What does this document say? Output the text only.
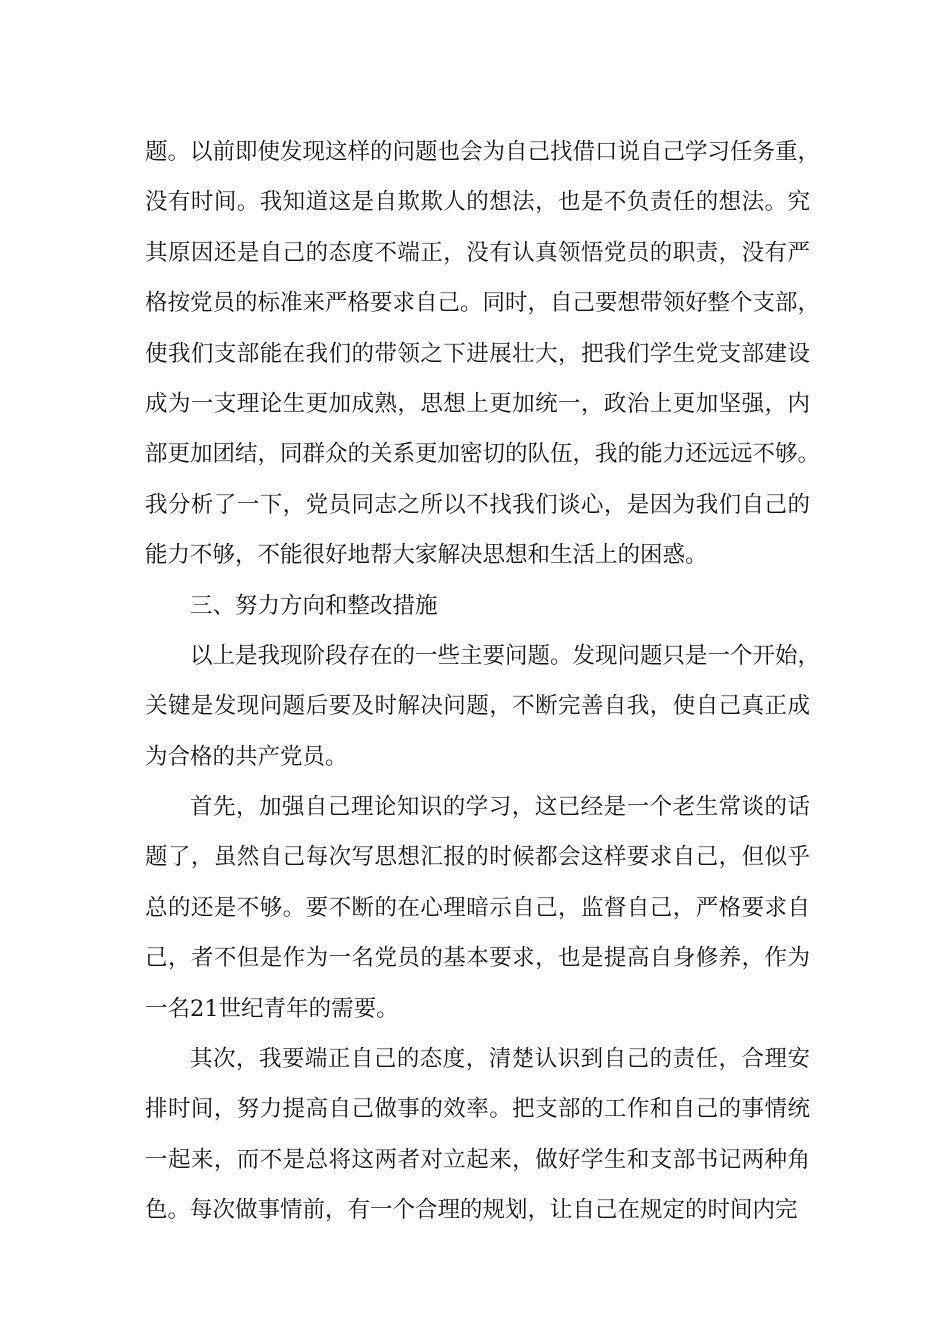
题。以前即使发现这样的问题也会为自己找借口说自己学习任务重，
没有时间。我知道这是自欺欺人的想法，也是不负责任的想法。究
其原因还是自己的态度不端正，没有认真领悟党员的职责，没有严
格按党员的标准来严格要求自己。同时，自己要想带领好整个支部，
使我们支部能在我们的带领之下进展壮大，把我们学生党支部建设
成为一支理论生更加成熟，思想上更加统一，政治上更加坚强，内
部更加团结，同群众的关系更加密切的队伍，我的能力还远远不够。
我分析了一下，党员同志之所以不找我们谈心，是因为我们自己的
能力不够，不能很好地帮大家解决思想和生活上的困惑。
三、努力方向和整改措施
以上是我现阶段存在的一些主要问题。发现问题只是一个开始，
关键是发现问题后要及时解决问题，不断完善自我，使自己真正成
为合格的共产党员。
首先，加强自己理论知识的学习，这已经是一个老生常谈的话
题了，虽然自己每次写思想汇报的时候都会这样要求自己，但似乎
总的还是不够。要不断的在心理暗示自己，监督自己，严格要求自
己，者不但是作为一名党员的基本要求，也是提高自身修养，作为
一名21世纪青年的需要。
其次，我要端正自己的态度，清楚认识到自己的责任，合理安
排时间，努力提高自己做事的效率。把支部的工作和自己的事情统
一起来，而不是总将这两者对立起来，做好学生和支部书记两种角
色。每次做事情前，有一个合理的规划，让自己在规定的时间内完
